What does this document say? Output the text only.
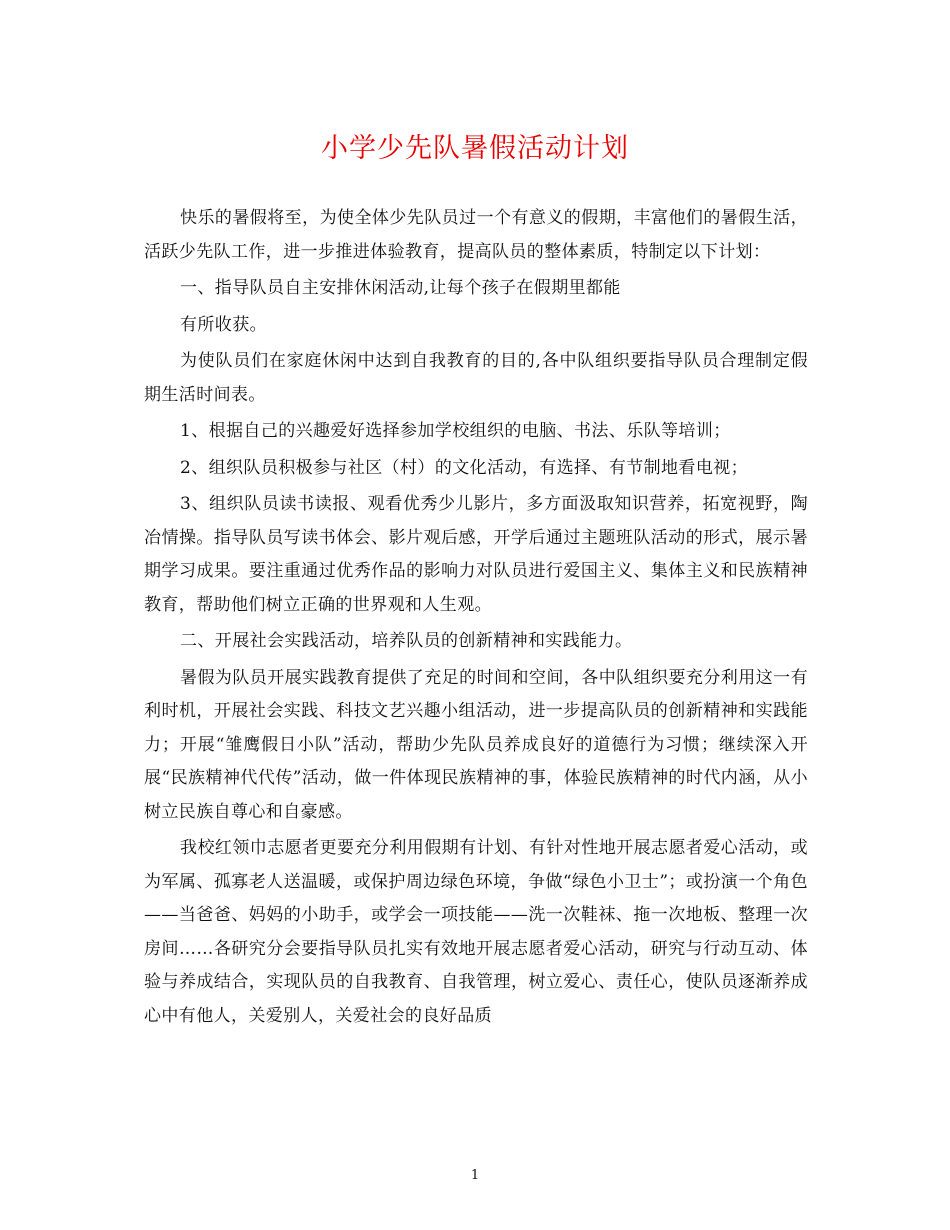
小学少先队暑假活动计划

快乐的暑假将至，为使全体少先队员过一个有意义的假期，丰富他们的暑假生活，活跃少先队工作，进一步推进体验教育，提高队员的整体素质，特制定以下计划：

一、指导队员自主安排休闲活动,让每个孩子在假期里都能

有所收获。

为使队员们在家庭休闲中达到自我教育的目的,各中队组织要指导队员合理制定假期生活时间表。

1、根据自己的兴趣爱好选择参加学校组织的电脑、书法、乐队等培训；

2、组织队员积极参与社区（村）的文化活动，有选择、有节制地看电视；

3、组织队员读书读报、观看优秀少儿影片，多方面汲取知识营养，拓宽视野，陶冶情操。指导队员写读书体会、影片观后感，开学后通过主题班队活动的形式，展示暑期学习成果。要注重通过优秀作品的影响力对队员进行爱国主义、集体主义和民族精神教育，帮助他们树立正确的世界观和人生观。

二、开展社会实践活动，培养队员的创新精神和实践能力。

暑假为队员开展实践教育提供了充足的时间和空间，各中队组织要充分利用这一有利时机，开展社会实践、科技文艺兴趣小组活动，进一步提高队员的创新精神和实践能力；开展“雏鹰假日小队”活动，帮助少先队员养成良好的道德行为习惯；继续深入开展“民族精神代代传”活动，做一件体现民族精神的事，体验民族精神的时代内涵，从小树立民族自尊心和自豪感。

我校红领巾志愿者更要充分利用假期有计划、有针对性地开展志愿者爱心活动，或为军属、孤寡老人送温暖，或保护周边绿色环境，争做“绿色小卫士”；或扮演一个角色——当爸爸、妈妈的小助手，或学会一项技能——洗一次鞋袜、拖一次地板、整理一次房间……各研究分会要指导队员扎实有效地开展志愿者爱心活动，研究与行动互动、体验与养成结合，实现队员的自我教育、自我管理，树立爱心、责任心，使队员逐渐养成心中有他人，关爱别人，关爱社会的良好品质

1
